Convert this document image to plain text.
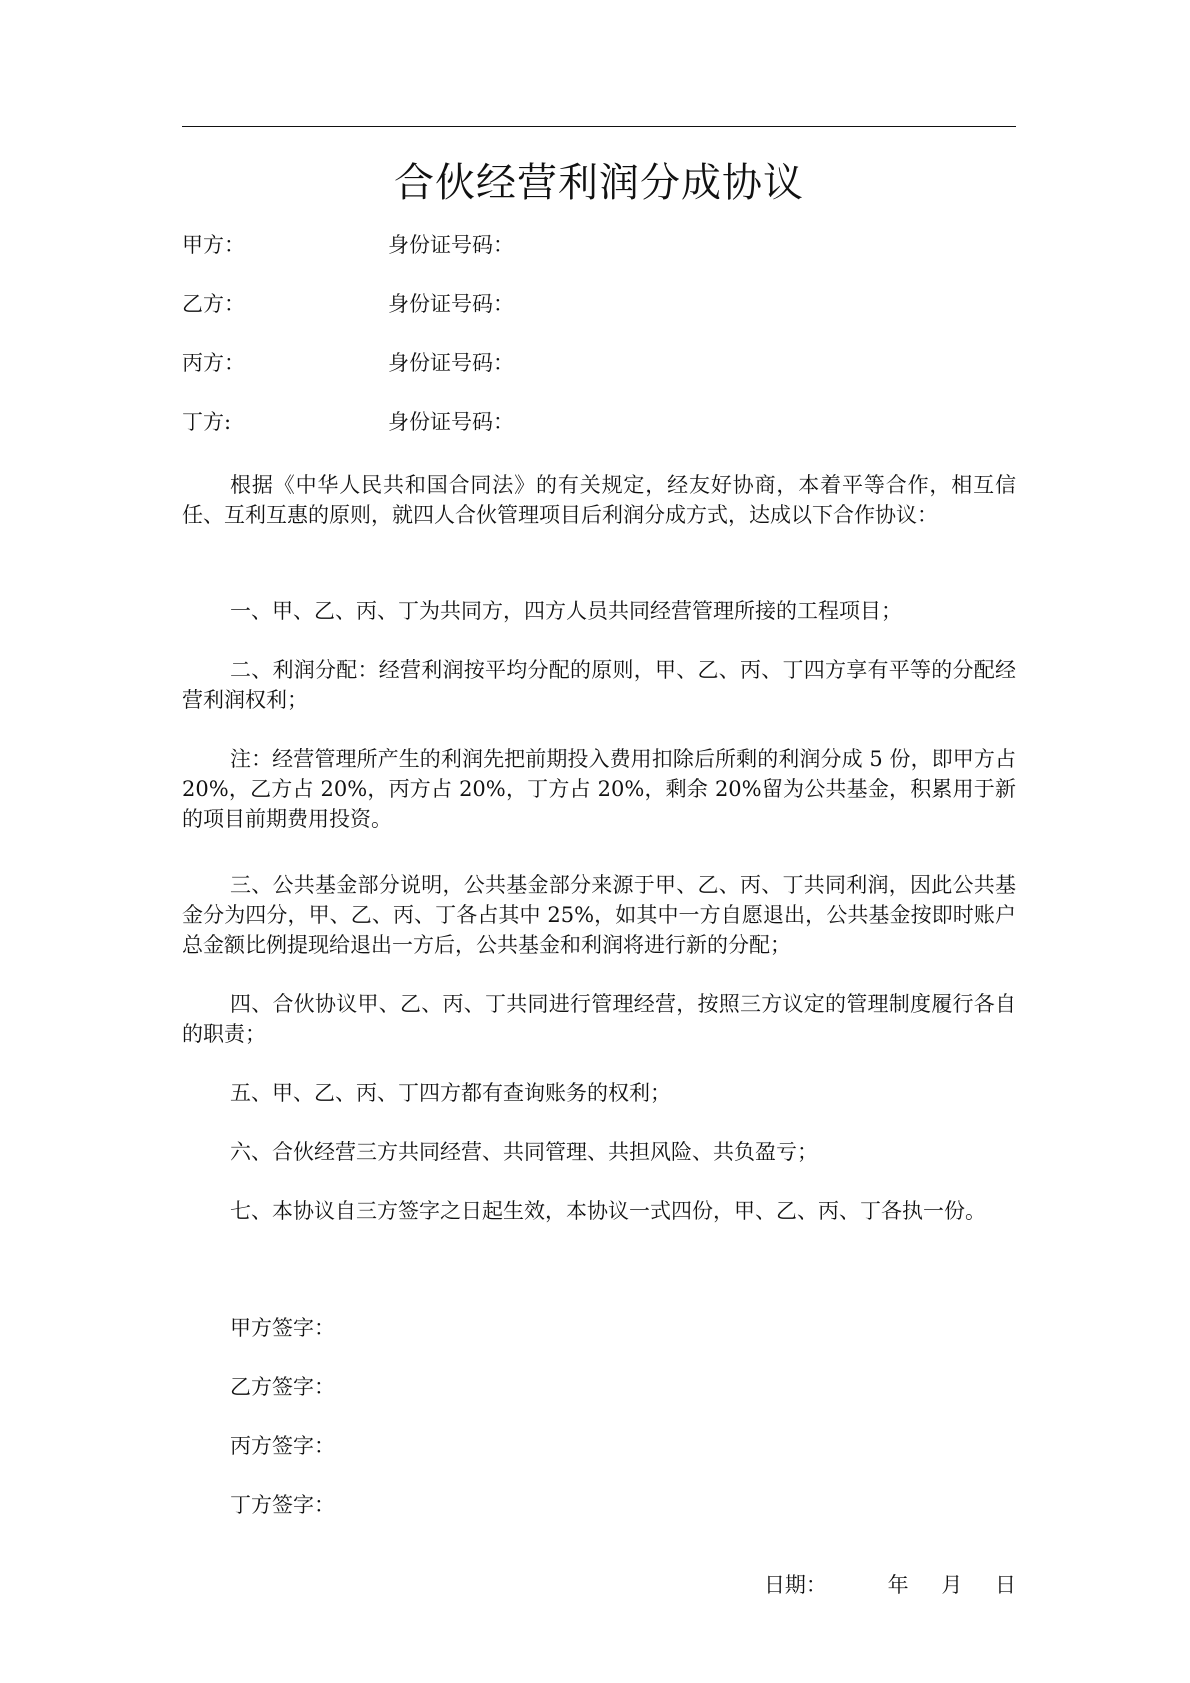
合伙经营利润分成协议
甲方：	身份证号码：
乙方：	身份证号码：
丙方：	身份证号码：
丁方:	身份证号码：

根据《中华人民共和国合同法》的有关规定，经友好协商，本着平等合作，相互信任、互利互惠的原则，就四人合伙管理项目后利润分成方式，达成以下合作协议：

一、甲、乙、丙、丁为共同方，四方人员共同经营管理所接的工程项目；

二、利润分配：经营利润按平均分配的原则，甲、乙、丙、丁四方享有平等的分配经营利润权利；

注：经营管理所产生的利润先把前期投入费用扣除后所剩的利润分成 5 份，即甲方占 20%，乙方占 20%，丙方占 20%，丁方占 20%，剩余 20%留为公共基金，积累用于新的项目前期费用投资。

三、公共基金部分说明，公共基金部分来源于甲、乙、丙、丁共同利润，因此公共基金分为四分，甲、乙、丙、丁各占其中 25%，如其中一方自愿退出，公共基金按即时账户总金额比例提现给退出一方后，公共基金和利润将进行新的分配；

四、合伙协议甲、乙、丙、丁共同进行管理经营，按照三方议定的管理制度履行各自的职责；

五、甲、乙、丙、丁四方都有查询账务的权利；

六、合伙经营三方共同经营、共同管理、共担风险、共负盈亏；

七、本协议自三方签字之日起生效，本协议一式四份，甲、乙、丙、丁各执一份。

甲方签字：
乙方签字：
丙方签字：
丁方签字：
日期：	年 月 日
